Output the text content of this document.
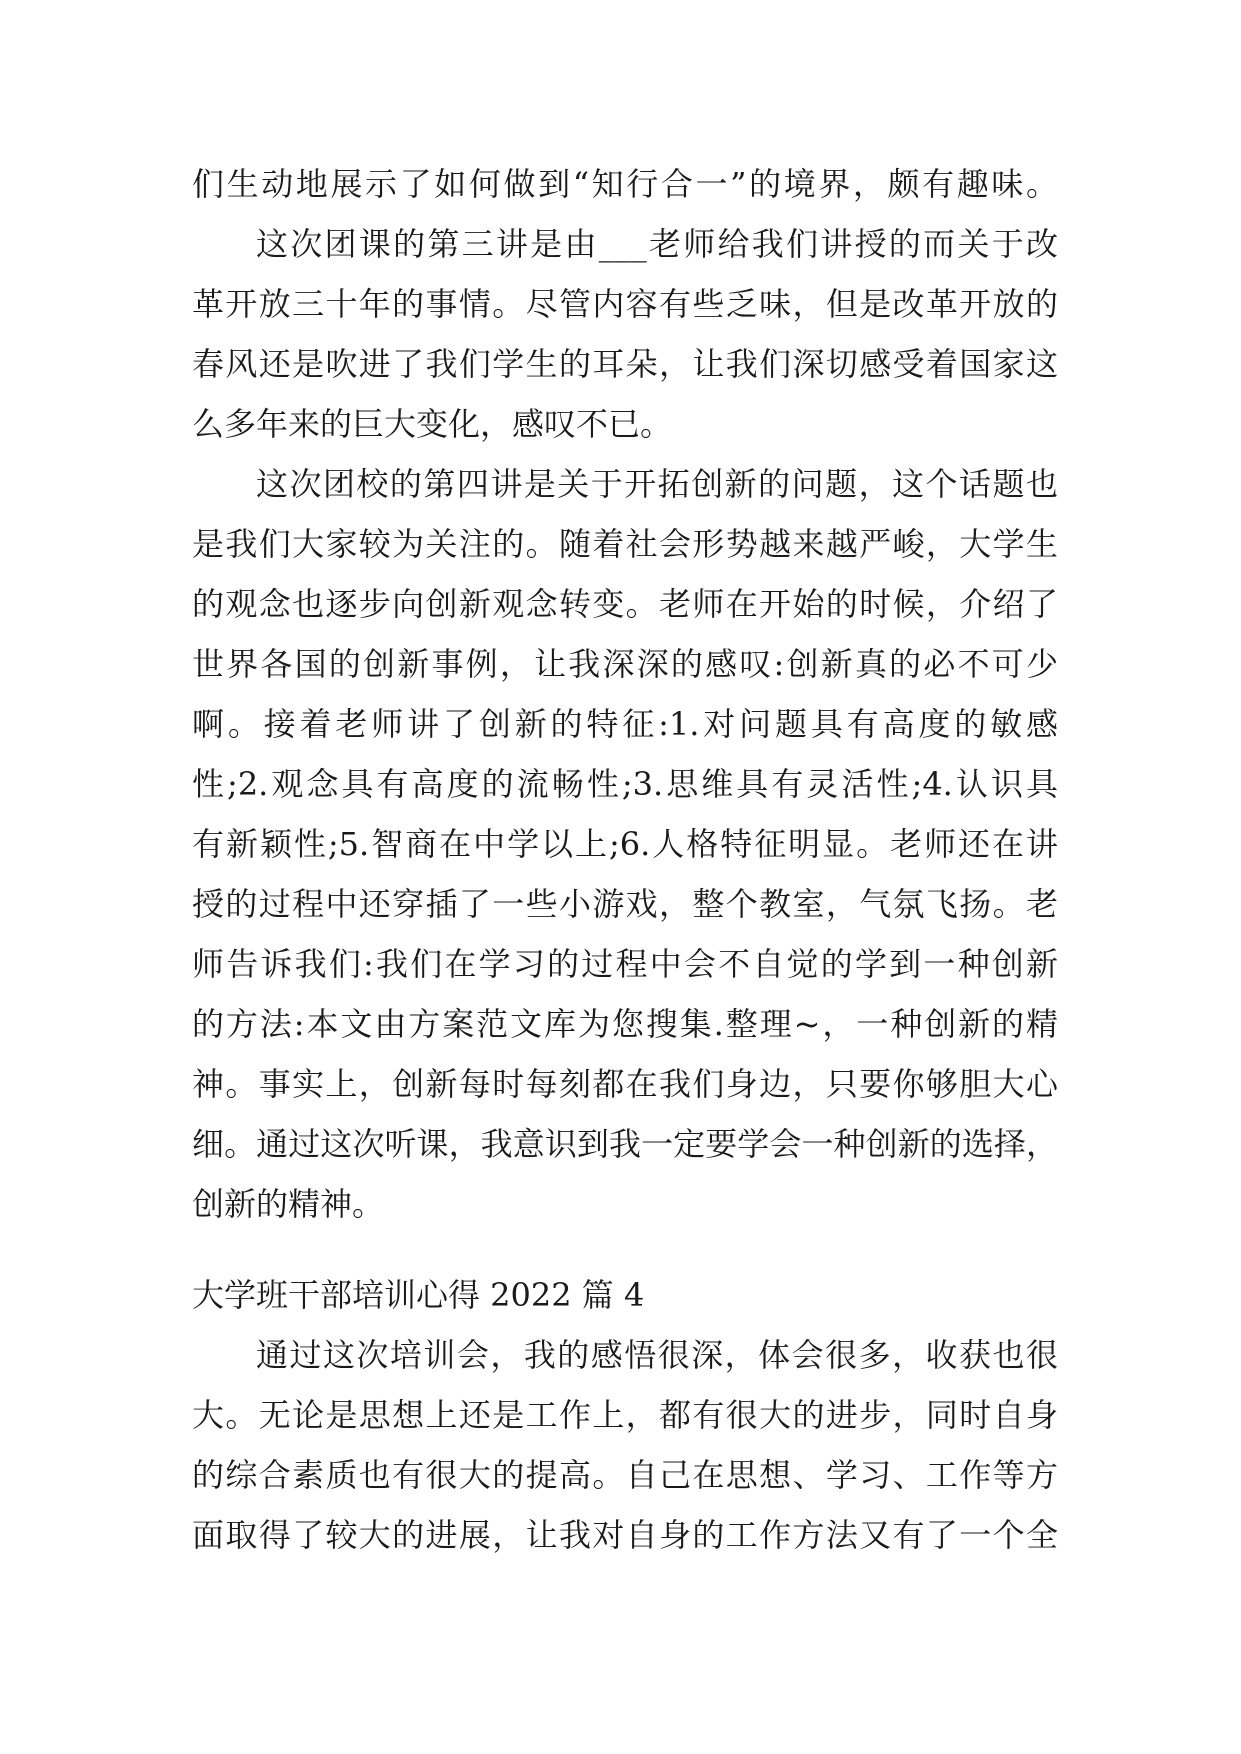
们生动地展示了如何做到“知行合一”的境界，颇有趣味。
这次团课的第三讲是由___老师给我们讲授的而关于改
革开放三十年的事情。尽管内容有些乏味，但是改革开放的
春风还是吹进了我们学生的耳朵，让我们深切感受着国家这
么多年来的巨大变化，感叹不已。
这次团校的第四讲是关于开拓创新的问题，这个话题也
是我们大家较为关注的。随着社会形势越来越严峻，大学生
的观念也逐步向创新观念转变。老师在开始的时候，介绍了
世界各国的创新事例，让我深深的感叹:创新真的必不可少
啊。接着老师讲了创新的特征:1.对问题具有高度的敏感
性;2.观念具有高度的流畅性;3.思维具有灵活性;4.认识具
有新颖性;5.智商在中学以上;6.人格特征明显。老师还在讲
授的过程中还穿插了一些小游戏，整个教室，气氛飞扬。老
师告诉我们:我们在学习的过程中会不自觉的学到一种创新
的方法:本文由方案范文库为您搜集.整理~，一种创新的精
神。事实上，创新每时每刻都在我们身边，只要你够胆大心
细。通过这次听课，我意识到我一定要学会一种创新的选择，
创新的精神。
大学班干部培训心得 2022 篇 4
通过这次培训会，我的感悟很深，体会很多，收获也很
大。无论是思想上还是工作上，都有很大的进步，同时自身
的综合素质也有很大的提高。自己在思想、学习、工作等方
面取得了较大的进展，让我对自身的工作方法又有了一个全
